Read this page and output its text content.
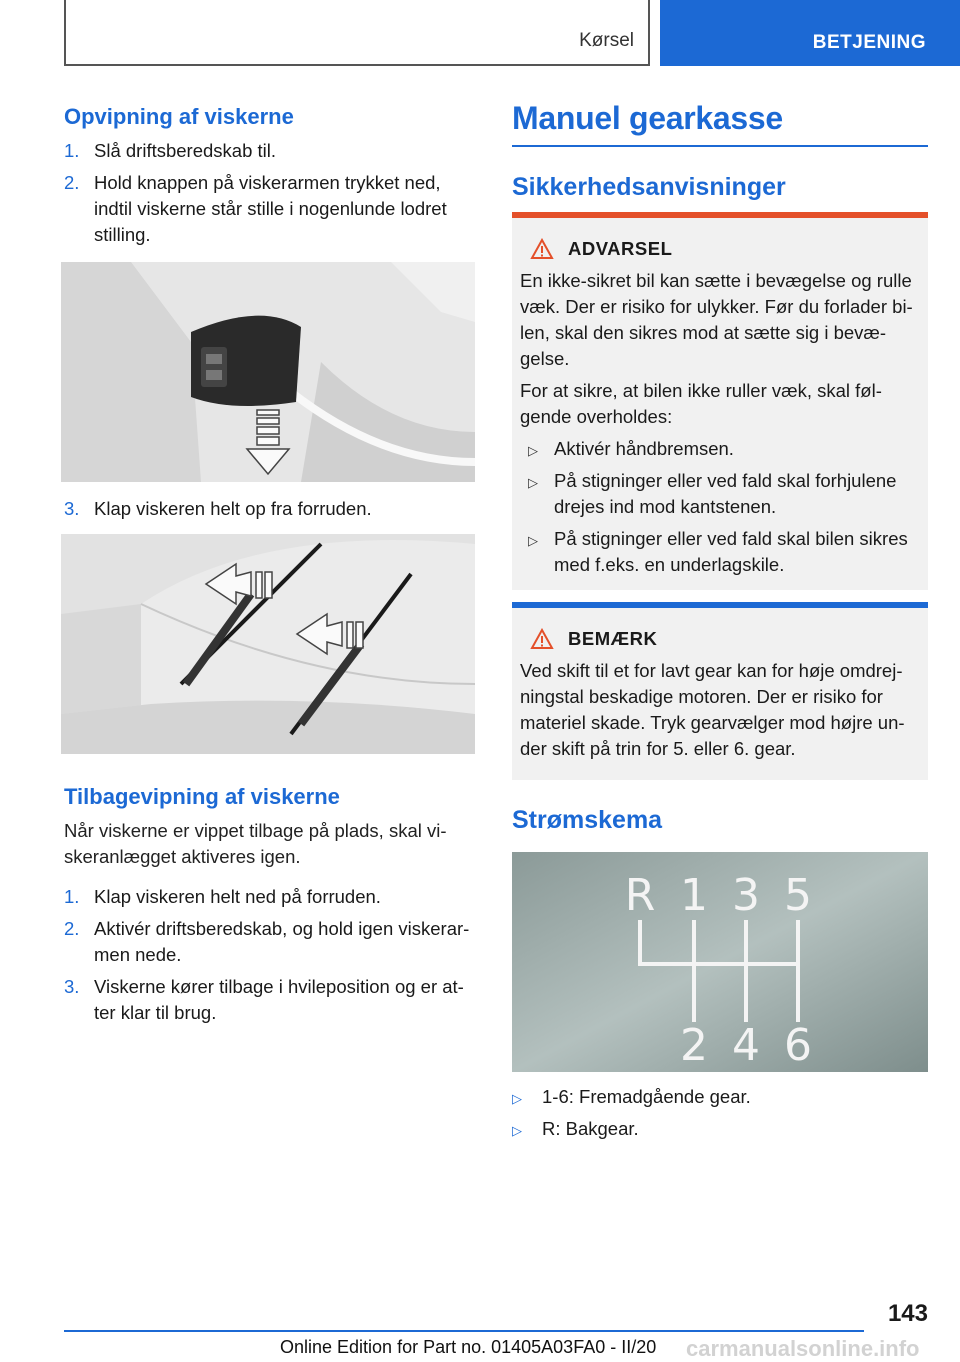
Kørsel	BETJENING
Opvipning af viskerne
1. Slå driftsberedskab til.
2. Hold knappen på viskerarmen trykket ned, indtil viskerne står stille i nogenlunde lodret stilling.
3. Klap viskeren helt op fra forruden.
Tilbagevipning af viskerne

Når viskerne er vippet tilbage på plads, skal vi-skeranlægget aktiveres igen.

1. Klap viskeren helt ned på forruden.
2. Aktivér driftsberedskab, og hold igen viskerar-men nede.
3. Viskerne kører tilbage i hvileposition og er at-ter klar til brug.
Manuel gearkasse
Sikkerhedsanvisninger
ADVARSEL

En ikke-sikret bil kan sætte i bevægelse og rulle væk. Der er risiko for ulykker. Før du forlader bi-len, skal den sikres mod at sætte sig i bevæ-gelse.

For at sikre, at bilen ikke ruller væk, skal føl-gende overholdes:

▷ Aktivér håndbremsen.
▷ På stigninger eller ved fald skal forhjulene drejes ind mod kantstenen.
▷ På stigninger eller ved fald skal bilen sikres med f.eks. en underlagskile.
BEMÆRK

Ved skift til et for lavt gear kan for høje omdrej-ningstal beskadige motoren. Der er risiko for materiel skade. Tryk gearvælger mod højre un-der skift på trin for 5. eller 6. gear.

Strømskema
R 1 3 5
2 4 6
▷ 1-6: Fremadgående gear.
▷ R: Bakgear.
143
Online Edition for Part no. 01405A03FA0 - II/20 carmanualsonline.info
